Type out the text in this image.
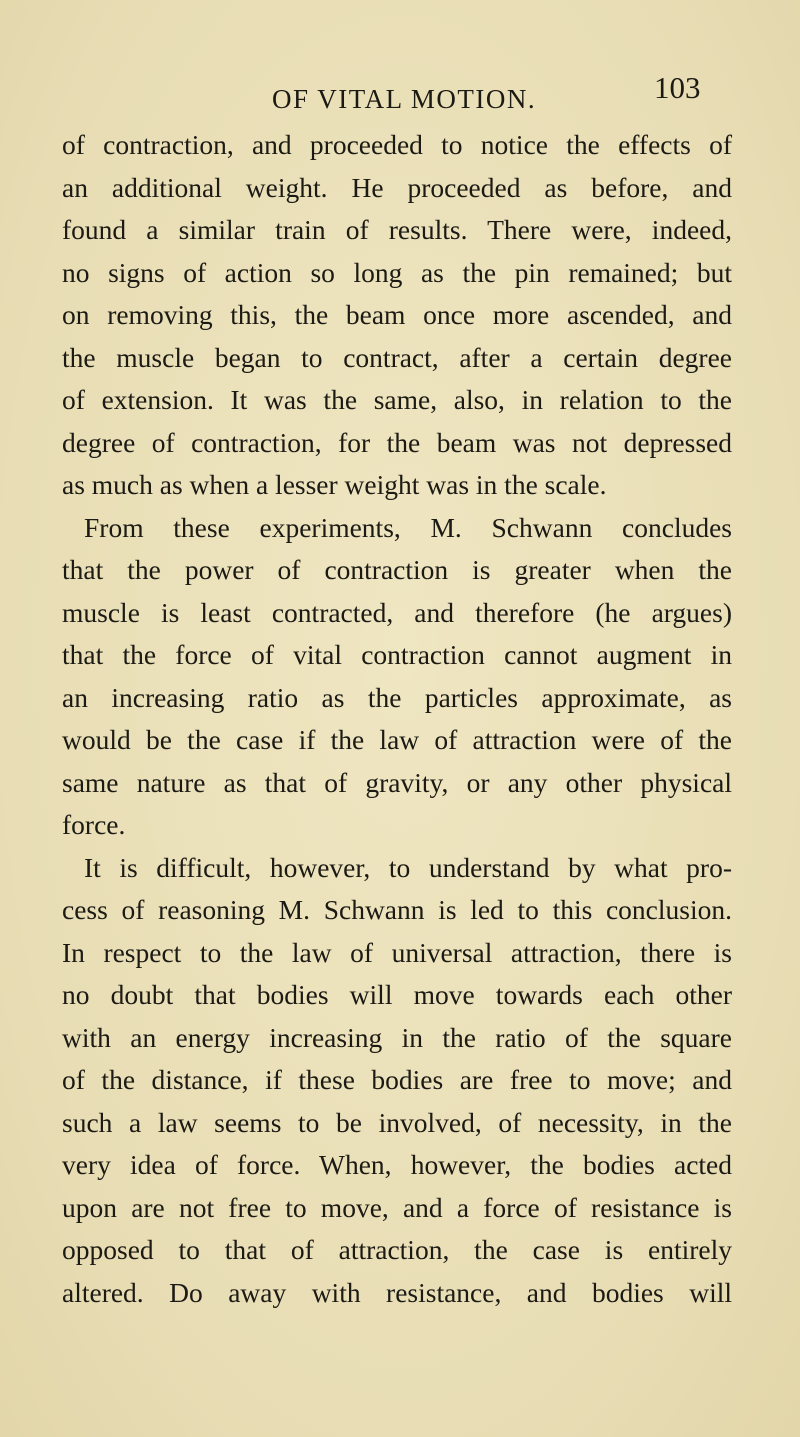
OF VITAL MOTION.	103
of contraction, and proceeded to notice the effects of
an additional weight. He proceeded as before, and
found a similar train of results. There were, indeed,
no signs of action so long as the pin remained; but
on removing this, the beam once more ascended, and
the muscle began to contract, after a certain degree
of extension. It was the same, also, in relation to the
degree of contraction, for the beam was not depressed
as much as when a lesser weight was in the scale.
From these experiments, M. Schwann concludes
that the power of contraction is greater when the
muscle is least contracted, and therefore (he argues)
that the force of vital contraction cannot augment in
an increasing ratio as the particles approximate, as
would be the case if the law of attraction were of the
same nature as that of gravity, or any other physical
force.
It is difficult, however, to understand by what pro-
cess of reasoning M. Schwann is led to this conclusion.
In respect to the law of universal attraction, there is
no doubt that bodies will move towards each other
with an energy increasing in the ratio of the square
of the distance, if these bodies are free to move; and
such a law seems to be involved, of necessity, in the
very idea of force. When, however, the bodies acted
upon are not free to move, and a force of resistance is
opposed to that of attraction, the case is entirely
altered. Do away with resistance, and bodies will
